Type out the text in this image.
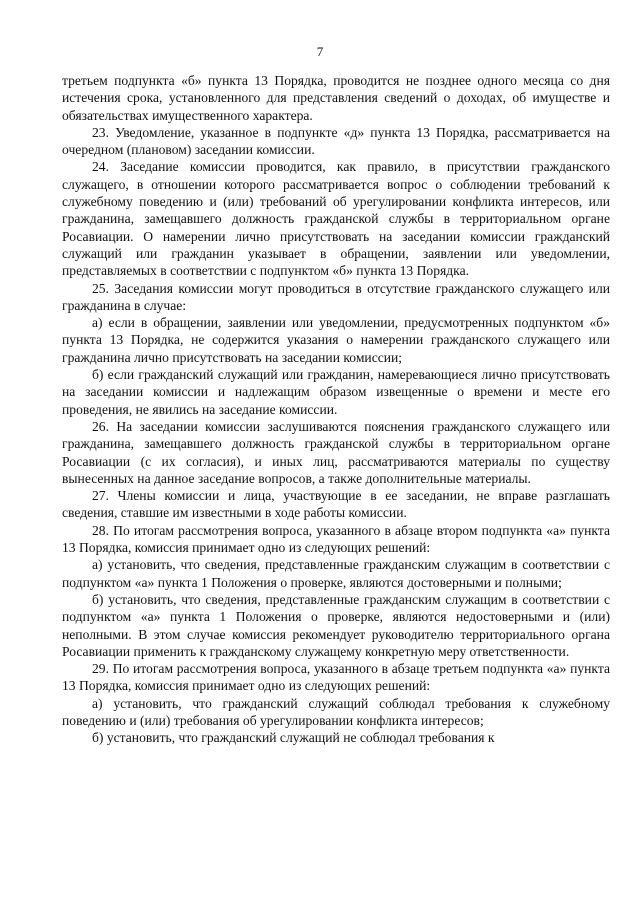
7

третьем подпункта «б» пункта 13 Порядка, проводится не позднее одного месяца со дня истечения срока, установленного для представления сведений о доходах, об имуществе и обязательствах имущественного характера.

23. Уведомление, указанное в подпункте «д» пункта 13 Порядка, рассматривается на очередном (плановом) заседании комиссии.

24. Заседание комиссии проводится, как правило, в присутствии гражданского служащего, в отношении которого рассматривается вопрос о соблюдении требований к служебному поведению и (или) требований об урегулировании конфликта интересов, или гражданина, замещавшего должность гражданской службы в территориальном органе Росавиации. О намерении лично присутствовать на заседании комиссии гражданский служащий или гражданин указывает в обращении, заявлении или уведомлении, представляемых в соответствии с подпунктом «б» пункта 13 Порядка.

25. Заседания комиссии могут проводиться в отсутствие гражданского служащего или гражданина в случае:

а) если в обращении, заявлении или уведомлении, предусмотренных подпунктом «б» пункта 13 Порядка, не содержится указания о намерении гражданского служащего или гражданина лично присутствовать на заседании комиссии;

б) если гражданский служащий или гражданин, намеревающиеся лично присутствовать на заседании комиссии и надлежащим образом извещенные о времени и месте его проведения, не явились на заседание комиссии.

26. На заседании комиссии заслушиваются пояснения гражданского служащего или гражданина, замещавшего должность гражданской службы в территориальном органе Росавиации (с их согласия), и иных лиц, рассматриваются материалы по существу вынесенных на данное заседание вопросов, а также дополнительные материалы.

27. Члены комиссии и лица, участвующие в ее заседании, не вправе разглашать сведения, ставшие им известными в ходе работы комиссии.

28. По итогам рассмотрения вопроса, указанного в абзаце втором подпункта «а» пункта 13 Порядка, комиссия принимает одно из следующих решений:

а) установить, что сведения, представленные гражданским служащим в соответствии с подпунктом «а» пункта 1 Положения о проверке, являются достоверными и полными;

б) установить, что сведения, представленные гражданским служащим в соответствии с подпунктом «а» пункта 1 Положения о проверке, являются недостоверными и (или) неполными. В этом случае комиссия рекомендует руководителю территориального органа Росавиации применить к гражданскому служащему конкретную меру ответственности.

29. По итогам рассмотрения вопроса, указанного в абзаце третьем подпункта «а» пункта 13 Порядка, комиссия принимает одно из следующих решений:

а) установить, что гражданский служащий соблюдал требования к служебному поведению и (или) требования об урегулировании конфликта интересов;

б) установить, что гражданский служащий не соблюдал требования к
